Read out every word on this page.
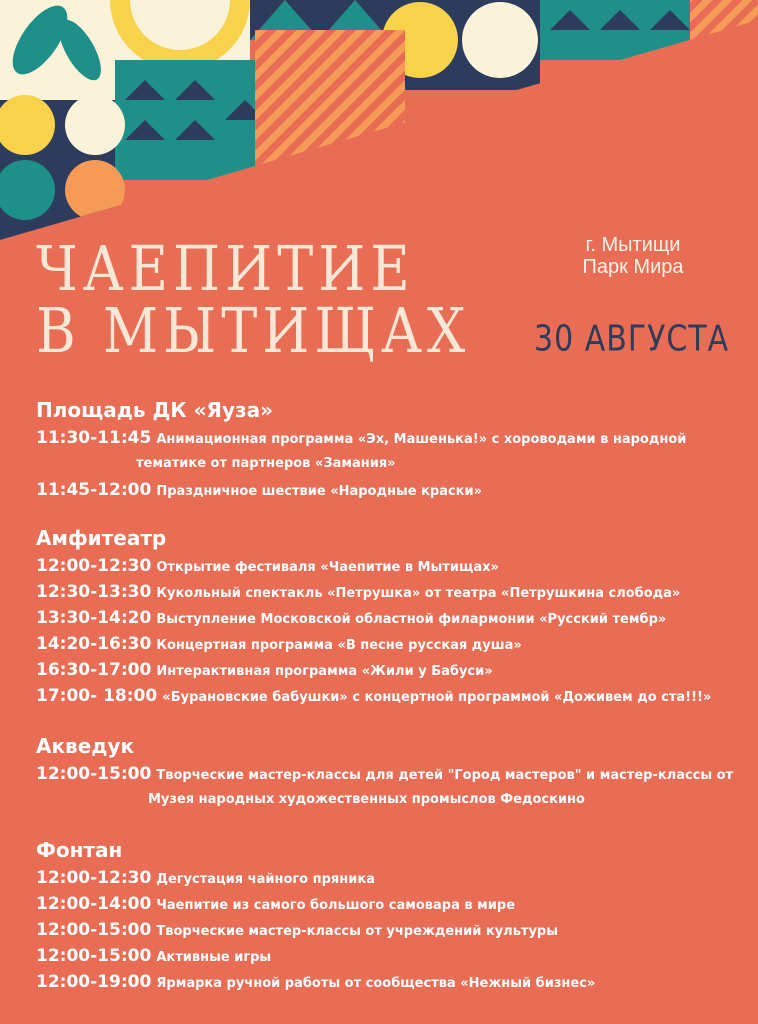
ЧАЕПИТИЕ
В МЫТИЩАХ
г. Мытищи
Парк Мира
30 АВГУСТА
Площадь ДК «Яуза»
11:30-11:45 Анимационная программа «Эх, Машенька!» с хороводами в народной
тематике от партнеров «Замания»
11:45-12:00 Праздничное шествие «Народные краски»
Амфитеатр
12:00-12:30 Открытие фестиваля «Чаепитие в Мытищах»
12:30-13:30 Кукольный спектакль «Петрушка» от театра «Петрушкина слобода»
13:30-14:20 Выступление Московской областной филармонии «Русский тембр»
14:20-16:30 Концертная программа «В песне русская душа»
16:30-17:00 Интерактивная программа «Жили у Бабуси»
17:00- 18:00 «Бурановские бабушки» с концертной программой «Доживем до ста!!!»
Акведук
12:00-15:00 Творческие мастер-классы для детей "Город мастеров" и мастер-классы от
Музея народных художественных промыслов Федоскино
Фонтан
12:00-12:30 Дегустация чайного пряника
12:00-14:00 Чаепитие из самого большого самовара в мире
12:00-15:00 Творческие мастер-классы от учреждений культуры
12:00-15:00 Активные игры
12:00-19:00 Ярмарка ручной работы от сообщества «Нежный бизнес»
